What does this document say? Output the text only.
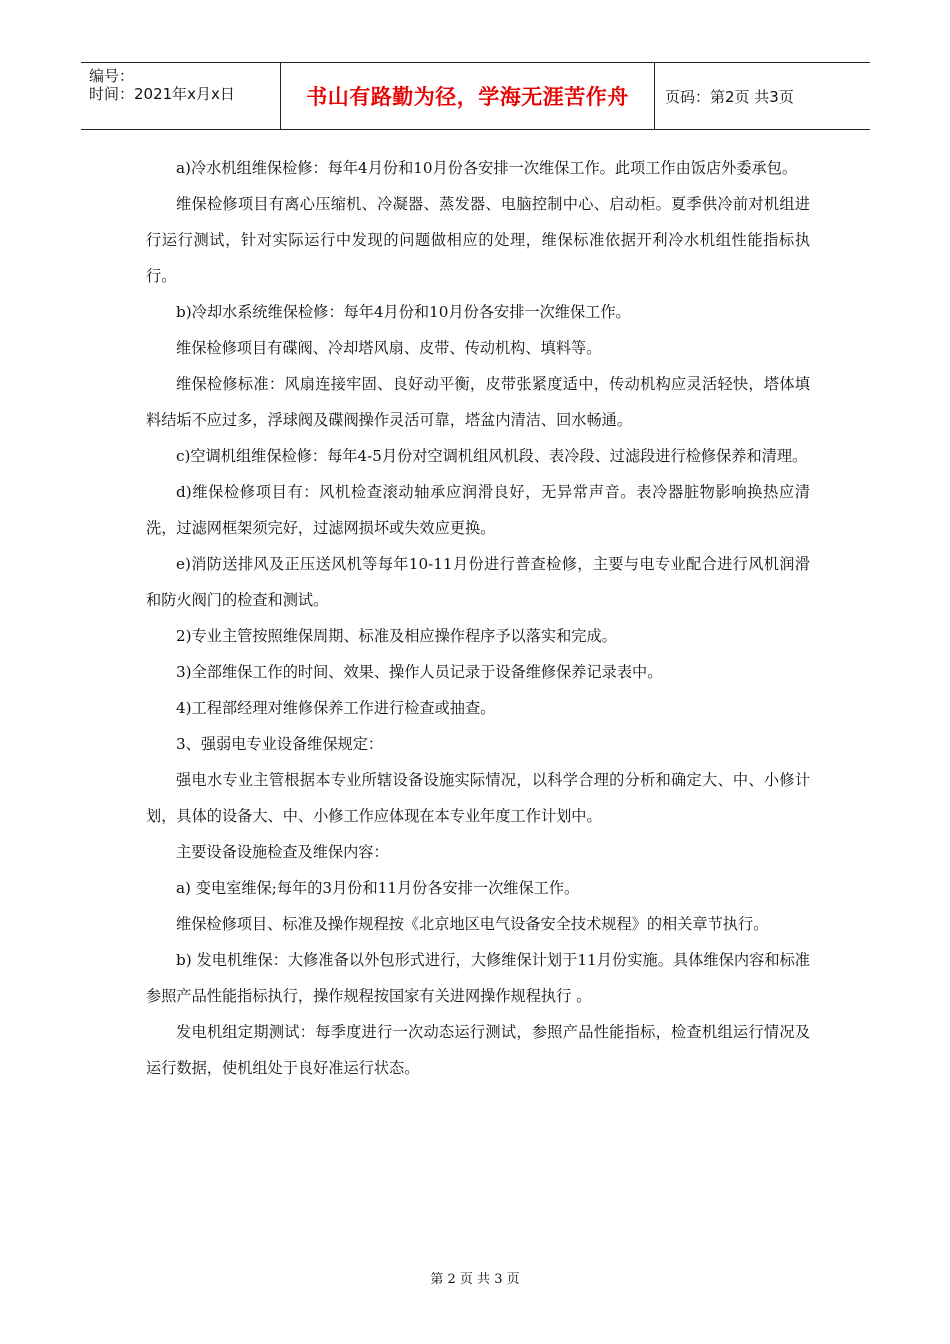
编号：
时间：2021年x月x日	书山有路勤为径，学海无涯苦作舟	页码：第2页 共3页

a)冷水机组维保检修：每年4月份和10月份各安排一次维保工作。此项工作由饭店外委承包。

维保检修项目有离心压缩机、冷凝器、蒸发器、电脑控制中心、启动柜。夏季供冷前对机组进行运行测试，针对实际运行中发现的问题做相应的处理，维保标准依据开利冷水机组性能指标执行。

b)冷却水系统维保检修：每年4月份和10月份各安排一次维保工作。

维保检修项目有碟阀、冷却塔风扇、皮带、传动机构、填料等。

维保检修标准：风扇连接牢固、良好动平衡，皮带张紧度适中，传动机构应灵活轻快，塔体填料结垢不应过多，浮球阀及碟阀操作灵活可靠，塔盆内清洁、回水畅通。

c)空调机组维保检修：每年4-5月份对空调机组风机段、表冷段、过滤段进行检修保养和清理。

d)维保检修项目有：风机检查滚动轴承应润滑良好，无异常声音。表冷器脏物影响换热应清洗，过滤网框架须完好，过滤网损坏或失效应更换。

e)消防送排风及正压送风机等每年10-11月份进行普查检修，主要与电专业配合进行风机润滑和防火阀门的检查和测试。

2)专业主管按照维保周期、标准及相应操作程序予以落实和完成。

3)全部维保工作的时间、效果、操作人员记录于设备维修保养记录表中。

4)工程部经理对维修保养工作进行检查或抽查。

3、强弱电专业设备维保规定：

强电水专业主管根据本专业所辖设备设施实际情况，以科学合理的分析和确定大、中、小修计划，具体的设备大、中、小修工作应体现在本专业年度工作计划中。

主要设备设施检查及维保内容：

a) 变电室维保;每年的3月份和11月份各安排一次维保工作。

维保检修项目、标准及操作规程按《北京地区电气设备安全技术规程》的相关章节执行。

b) 发电机维保：大修准备以外包形式进行，大修维保计划于11月份实施。具体维保内容和标准参照产品性能指标执行，操作规程按国家有关进网操作规程执行 。

发电机组定期测试：每季度进行一次动态运行测试，参照产品性能指标，检查机组运行情况及运行数据，使机组处于良好准运行状态。

第 2 页 共 3 页
